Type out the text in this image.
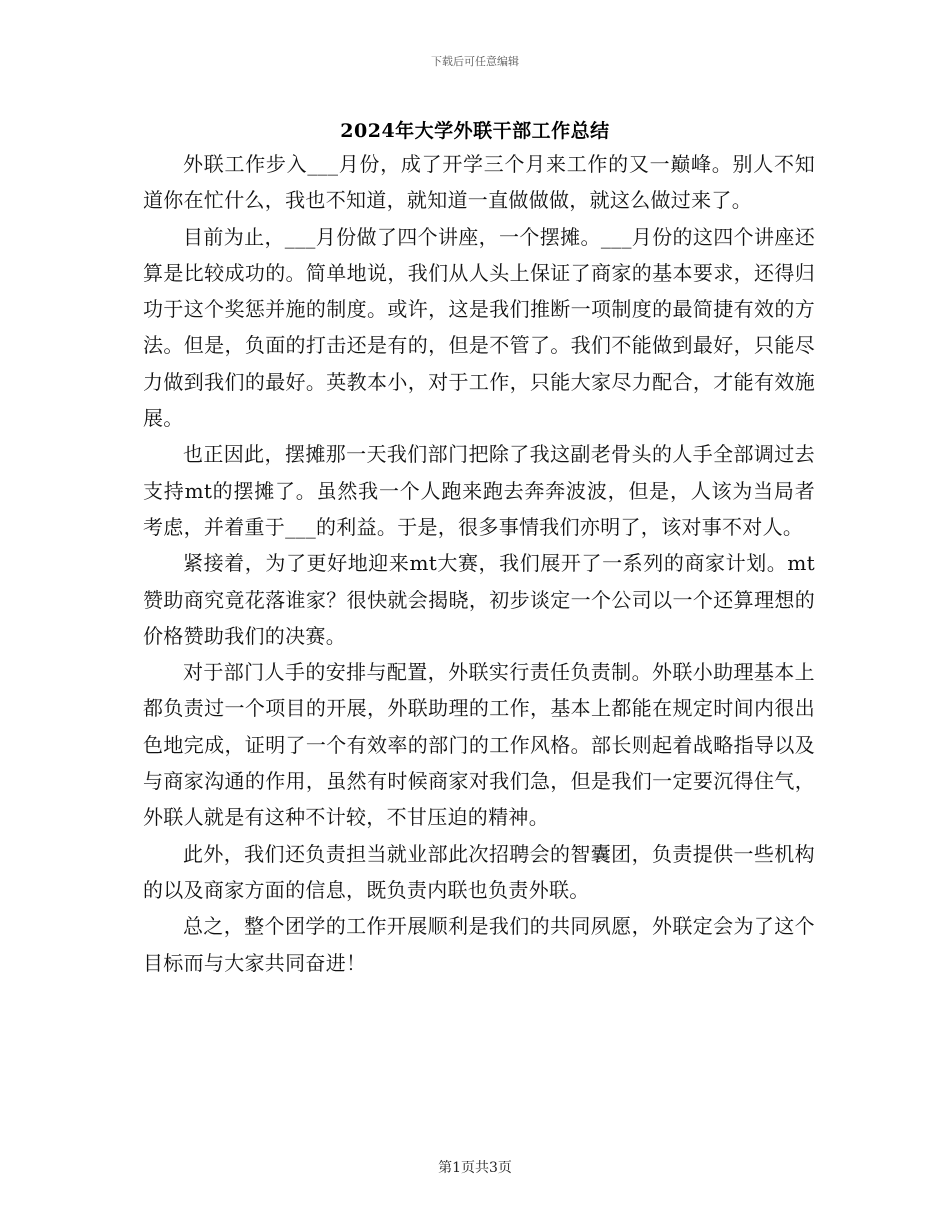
下载后可任意编辑
2024年大学外联干部工作总结

外联工作步入___月份，成了开学三个月来工作的又一巅峰。别人不知道你在忙什么，我也不知道，就知道一直做做做，就这么做过来了。

目前为止，___月份做了四个讲座，一个摆摊。___月份的这四个讲座还算是比较成功的。简单地说，我们从人头上保证了商家的基本要求，还得归功于这个奖惩并施的制度。或许，这是我们推断一项制度的最简捷有效的方法。但是，负面的打击还是有的，但是不管了。我们不能做到最好，只能尽力做到我们的最好。英教本小，对于工作，只能大家尽力配合，才能有效施展。

也正因此，摆摊那一天我们部门把除了我这副老骨头的人手全部调过去支持mt的摆摊了。虽然我一个人跑来跑去奔奔波波，但是，人该为当局者考虑，并着重于___的利益。于是，很多事情我们亦明了，该对事不对人。

紧接着，为了更好地迎来mt大赛，我们展开了一系列的商家计划。mt赞助商究竟花落谁家？很快就会揭晓，初步谈定一个公司以一个还算理想的价格赞助我们的决赛。

对于部门人手的安排与配置，外联实行责任负责制。外联小助理基本上都负责过一个项目的开展，外联助理的工作，基本上都能在规定时间内很出色地完成，证明了一个有效率的部门的工作风格。部长则起着战略指导以及与商家沟通的作用，虽然有时候商家对我们急，但是我们一定要沉得住气，外联人就是有这种不计较，不甘压迫的精神。

此外，我们还负责担当就业部此次招聘会的智囊团，负责提供一些机构的以及商家方面的信息，既负责内联也负责外联。

总之，整个团学的工作开展顺利是我们的共同夙愿，外联定会为了这个目标而与大家共同奋进！

第1页共3页
